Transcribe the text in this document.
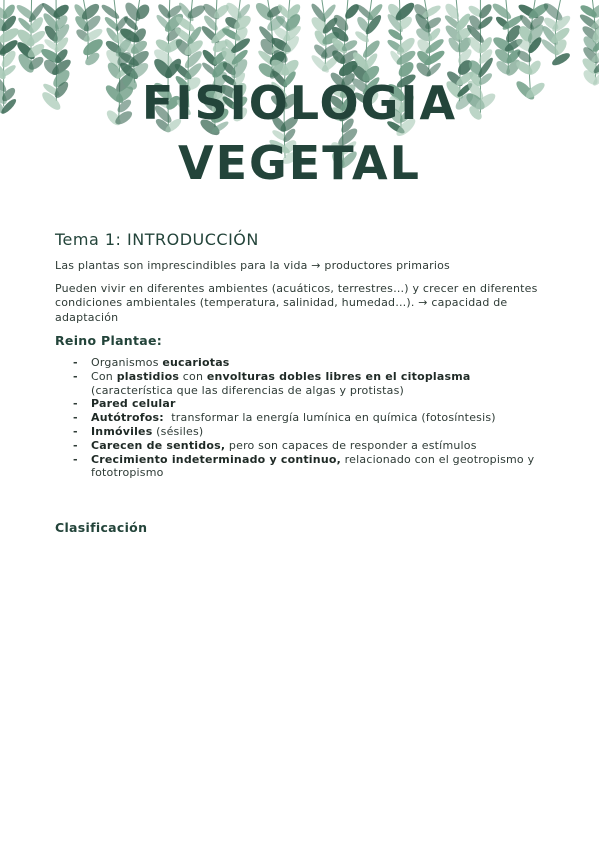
FISIOLOGIA
VEGETAL
Tema 1: INTRODUCCIÓN

Las plantas son imprescindibles para la vida → productores primarios

Pueden vivir en diferentes ambientes (acuáticos, terrestres…) y crecer en diferentes condiciones ambientales (temperatura, salinidad, humedad…). → capacidad de adaptación

Reino Plantae:
- Organismos eucariotas
- Con plastidios con envolturas dobles libres en el citoplasma (característica que las diferencias de algas y protistas)
- Pared celular
- Autótrofos:  transformar la energía lumínica en química (fotosíntesis)
- Inmóviles (sésiles)
- Carecen de sentidos, pero son capaces de responder a estímulos
- Crecimiento indeterminado y continuo, relacionado con el geotropismo y fototropismo
Clasificación
